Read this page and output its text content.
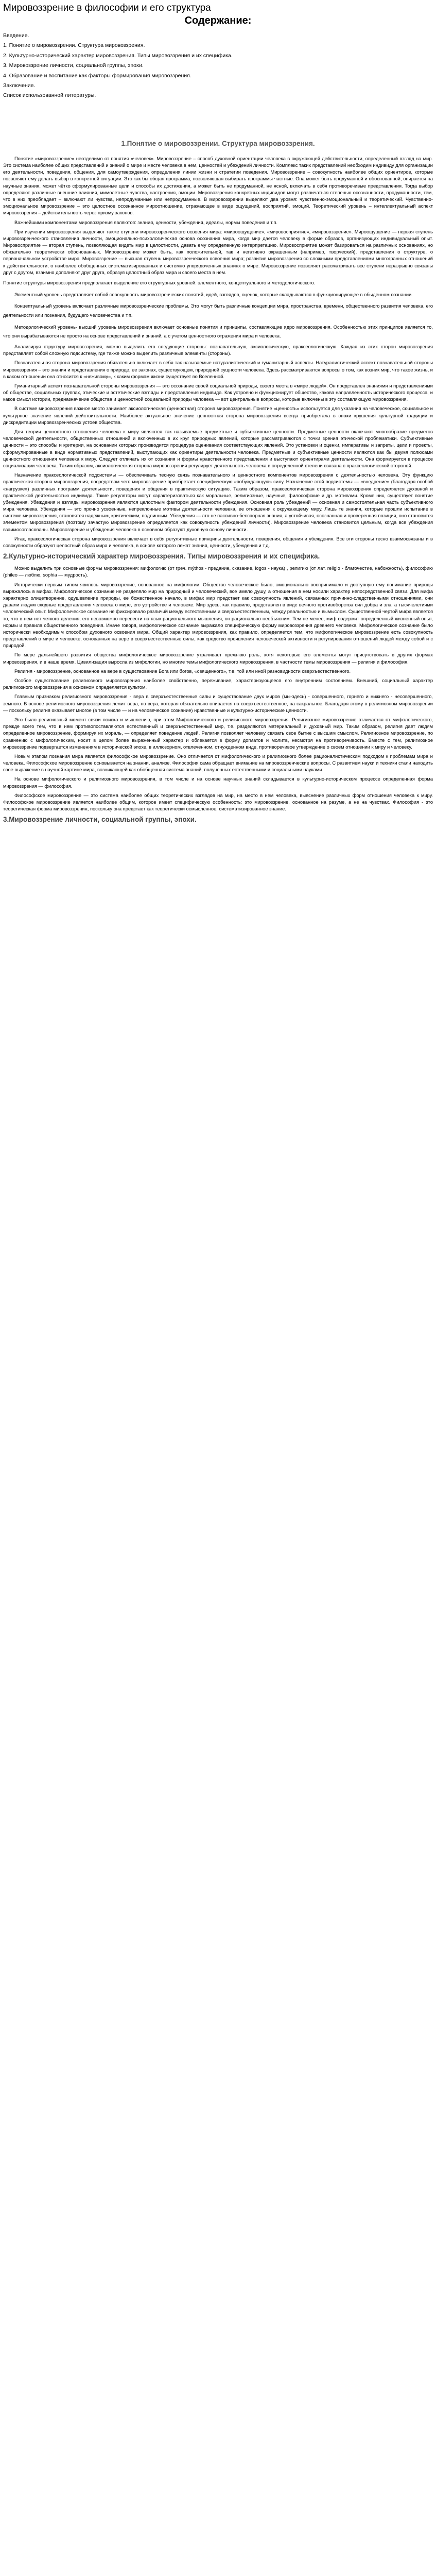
Мировоззрение в философии и его структура
Содержание:
Введение.
1. Понятие о мировоззрении. Структура мировоззрения.
2. Культурно-исторический характер мировоззрения. Типы мировоззрения и их специфика.
3. Мировоззрение личности, социальной группы, эпохи.
4. Образование и воспитание как факторы формирования мировоззрения.
Заключение.
Список использованной литературы.
1.Понятие о мировоззрении. Структура мировоззрения.

Понятие «мировоззрение» неотделимо от понятия «человек». Мировоззрение – способ духовной ориентации человека в окружающей действительности, определенный взгляд на мир. Это система наиболее общих представлений и знаний о мире и месте человека в нем, ценностей и убеждений личности. Комплекс таких представлений необходим индивиду для организации его деятельности, поведения, общения, для самоутверждения, определения линии жизни и стратегии поведения. Мировоззрение – совокупность наиболее общих ориентиров, которые позволяют ему делать выбор в конкретной ситуации. Это как бы общая программа, позволяющая выбирать программы частные. Она может быть продуманной и обоснованной, опирается на научные знания, может чётко сформулированные цели и способы их достижения, а может быть не продуманной, не ясной, включать в себя противоречивые представления. Тогда выбор определяют различные внешние влияния, мимолетные чувства, настроения, эмоции. Мировоззрения конкретных индивидов могут различаться степенью осознанности, продуманности, тем, что в них преобладает – включают ли чувства, непродуманные или непродуманные. В мировоззрении выделяют два уровня: чувственно-эмоциональный и теоретический. Чувственно-эмоциональное мировоззрение – это целостное осознанное мироотношение, отражающее в виде ощущений, восприятий, эмоций. Теоретический уровень – интеллектуальный аспект мировоззрения – действительность через призму законов.

Важнейшими компонентами мировоззрения являются: знания, ценности, убеждения, идеалы, нормы поведения и т.п.

При изучении мировоззрения выделяют также ступени мировоззренческого освоения мира: «мироощущение», «мировосприятие», «мировоззрение». Мироощущение — первая ступень мировоззренческого становления личности, эмоционально-психологическая основа осознания мира, когда мир дается человеку в форме образов, организующих индивидуальный опыт. Мировосприятие — вторая ступень, позволяющая видеть мир в целостности, давать ему определенную интерпретацию. Мировосприятие может базироваться на различных основаниях, но обязательно теоретически обоснованных. Мировоззрение может быть, как положительной, так и негативно окрашенным (например, творческий), представления о структуре, о первоначальном устройстве мира. Мировоззрение — высшая ступень мировоззренческого освоения мира; развитие мировоззрения со сложными представлениями многогранных отношений к действительности, о наиболее обобщенных систематизированных и системно упорядоченных знаниях о мире. Мировоззрение позволяет рассматривать все ступени неразрывно связаны друг с другом, взаимно дополняют друг друга, образуя целостный образ мира и своего места в нем.

Понятие структуры мировоззрения предполагает выделение его структурных уровней: элементного, концептуального и методологического.

Элементный уровень представляет собой совокупность мировоззренческих понятий, идей, взглядов, оценок, которые складываются в функционирующее в обыденном сознании.

Концептуальный уровень включает различные мировоззренческие проблемы. Это могут быть различные концепции мира, пространства, времени, общественного развития человека, его деятельности или познания, будущего человечества и т.п.

Методологический уровень- высший уровень мировоззрения включает основные понятия и принципы, составляющие ядро мировоззрения. Особенностью этих принципов является то, что они вырабатываются не просто на основе представлений и знаний, а с учетом ценностного отражения мира и человека.

Анализируя структуру мировоззрения, можно выделить его следующие стороны: познавательную, аксиологическую, праксеологическую. Каждая из этих сторон мировоззрения представляет собой сложную подсистему, где также можно выделить различные элементы (стороны).

Познавательная сторона мировоззрения обязательно включает в себя так называемые натуралистический и гуманитарный аспекты. Натуралистический аспект познавательной стороны мировоззрения – это знания и представления о природе, ее законах, существующем, природной сущности человека. Здесь рассматриваются вопросы о том, как возник мир, что такое жизнь, и в каком отношении она относится к «неживому», к каким формам жизни существует во Вселенной.

Гуманитарный аспект познавательной стороны мировоззрения — это осознание своей социальной природы, своего места в «мире людей». Он представлен знаниями и представлениями об обществе, социальных группах, этические и эстетические взгляды и представления индивида. Как устроено и функционирует общество, какова направленность исторического процесса, и каков смысл истории, предназначение общества и ценностной социальной природы человека — вот центральные вопросы, которые включены в эту составляющую мировоззрения.

В системе мировоззрения важное место занимает аксиологическая (ценностная) сторона мировоззрения. Понятие «ценность» используется для указания на человеческое, социальное и культурное значение явлений действительности. Наиболее актуальное значение ценностная сторона мировоззрения всегда приобретала в эпохи крушения культурной традиции и дискредитации мировоззренческих устоев общества.

Для теории ценностного отношения человека к миру являются так называемые предметные и субъективные ценности. Предметные ценности включают многообразие предметов человеческой деятельности, общественных отношений и включенных в их круг природных явлений, которые рассматриваются с точки зрения этической проблематики. Субъективные ценности – это способы и критерии, на основании которых производится процедура оценивания соответствующих явлений. Это установки и оценки, императивы и запреты, цели и проекты, сформулированные в виде нормативных представлений, выступающих как ориентиры деятельности человека. Предметные и субъективные ценности являются как бы двумя полюсами ценностного отношения человека к миру. Следует отличать их от сознания и формы нравственного представления и выступают ориентирами деятельности. Она формируется в процессе социализации человека. Таким образом, аксиологическая сторона мировоззрения регулирует деятельность человека в определенной степени связана с праксеологической стороной.

Назначение праксеологической подсистемы — обеспечивать тесную связь познавательного и ценностного компонентов мировоззрения с деятельностью человека. Эту функцию практическая сторона мировоззрения, посредством чего мировоззрение приобретает специфическую «побуждающую» силу. Назначение этой подсистемы — «внедрение» (благодаря особой «нагрузке») различных программ деятельности, поведения и общения в практическую ситуацию. Таким образом, праксеологическая сторона мировоззрения определяется духовной и практической деятельностью индивида. Такие регуляторы могут характеризоваться как моральные, религиозные, научные, философские и др. мотивами. Кроме них, существует понятие убеждения. Убеждения и взгляды мировоззрения являются целостным фактором деятельности убеждения. Основная роль убеждений — основная и самостоятельная часть субъективного мира человека. Убеждения — это прочно усвоенные, непреклонные мотивы деятельности человека, ее отношения к окружающему миру. Лишь те знания, которые прошли испытание в системе мировоззрения, становятся надежным, критическим, подлинным. Убеждения — это не пассивно-бесспорная знания, а устойчивая, осознанная и проверенная позиция, оно становится элементом мировоззрения (поэтому зачастую мировоззрение определяется как совокупность убеждений личности). Мировоззрение человека становится цельным, когда все убеждения взаимосогласованы. Мировоззрение и убеждения человека в основном образуют духовную основу личности.

Итак, праксеологическая сторона мировоззрения включает в себя регулятивные принципы деятельности, поведения, общения и убеждения. Все эти стороны тесно взаимосвязаны и в совокупности образуют целостный образ мира и человека, в основе которого лежат знания, ценности, убеждения и т.д.

2.Культурно-исторический характер мировоззрения. Типы мировоззрения и их специфика.

Можно выделить три основные формы мировоззрения: мифологию (от греч. mýthos - предание, сказание, logos - наука) , религию (от лат. religio - благочестие, набожность), философию (phileo — люблю, sophia — мудрость).

Исторически первым типом явилось мировоззрение, основанное на мифологии. Общество человеческое было, эмоционально воспринимало и доступную ему понимание природы выражалось в мифах. Мифологическое сознание не разделяло мир на природный и человеческий, все имело душу, а отношения в нем носили характер непосредственной связи. Для мифа характерно олицетворение, одушевление природы, ее божественное начало, в мифах мир предстает как совокупность явлений, связанных причинно-следственными отношениями, они давали людям сходные представления человека о мире, его устройстве и человеке. Мир здесь, как правило, представлен в виде вечного противоборства сил добра и зла, а тысячелетиями человеческий опыт. Мифологическое сознание не фиксировало различий между естественным и сверхъестественным, между реальностью и вымыслом. Существенной чертой мифа является то, что в нем нет четкого деления, его невозможно перевести на язык рационального мышления, он рационально необъясним. Тем не менее, миф содержит определенный жизненный опыт, нормы и правила общественного поведения. Иначе говоря, мифологическое сознание выражало специфическую форму мировоззрения древнего человека. Мифологическое сознание было исторически необходимым способом духовного освоения мира. Общий характер мировоззрения, как правило, определяется тем, что мифологическое мировоззрение есть совокупность представлений о мире и человеке, основанных на вере в сверхъестественные силы, как средство проявления человеческой активности и регулирования отношений людей между собой и с природой.

По мере дальнейшего развития общества мифологическое мировоззрение утрачивает прежнюю роль, хотя некоторые его элементы могут присутствовать в других формах мировоззрения, и в наше время. Цивилизация выросла из мифологии, но многие темы мифологического мировоззрения, в частности темы мировоззрения — религия и философия.

Религия - мировоззрение, основанное на вере в существование Бога или богов, «священного», т.е. той или иной разновидности сверхъестественного.

Особое существование религиозного мировоззрения наиболее свойственно, переживание, характеризующееся его внутренним состоянием. Внешний, социальный характер религиозного мировоззрения в основном определяется культом.

Главным признаком религиозного мировоззрения - вера в сверхъестественные силы и существование двух миров (мы-здесь) - совершенного, горнего и нижнего - несовершенного, земного. В основе религиозного мировоззрения лежит вера, но вера, которая обязательно опирается на сверхъестественное, на сакральное. Благодаря этому в религиозном мировоззрении — поскольку религия оказывает многое (в том числе — и на человеческое сознание) нравственные и культурно-исторические ценности.

Это было религиозный момент связи поиска и мышлению, при этом Мифологического и религиозного мировоззрения. Религиозное мировоззрение отличается от мифологического, прежде всего тем, что в нем противопоставляются естественный и сверхъестественный мир, т.е. разделяются материальный и духовный мир. Таким образом, религия дает людям определенное мировоззрение, формируя их мораль, — определяет поведение людей. Религия позволяет человеку связать свое бытие с высшим смыслом. Религиозное мировоззрение, по сравнению с мифологическим, носит в целом более выраженный характер и облекается в форму догматов и молитв, несмотря на противоречивость. Вместе с тем, религиозное мировоззрение подвергается изменениям в исторической эпохе, в иллюзорном, отвлеченном, отчужденном виде, противоречивое утверждение о своем отношении к миру и человеку.

Новым этапом познания мира является философское мировоззрение. Оно отличается от мифологического и религиозного более рационалистическим подходом к проблемам мира и человека. Философское мировоззрение основывается на знании, анализе. Философия сама обращает внимание на мировоззренческие вопросы. С развитием науки и техники стали находить свое выражение в научной картине мира, возникающей как обобщенная система знаний, полученных естественными и социальными науками.

На основе мифологического и религиозного мировоззрения, в том числе и на основе научных знаний складывается в культурно-историческом процессе определенная форма мировоззрения — философия.

Философское мировоззрение — это система наиболее общих теоретических взглядов на мир, на место в нем человека, выяснение различных форм отношения человека к миру. Философское мировоззрение является наиболее общим, которое имеет специфическую особенность: это мировоззрение, основанное на разуме, а не на чувствах. Философия - это теоретическая форма мировоззрения, поскольку она предстает как теоретически осмысленное, систематизированное знание.

3.Мировоззрение личности, социальной группы, эпохи.
